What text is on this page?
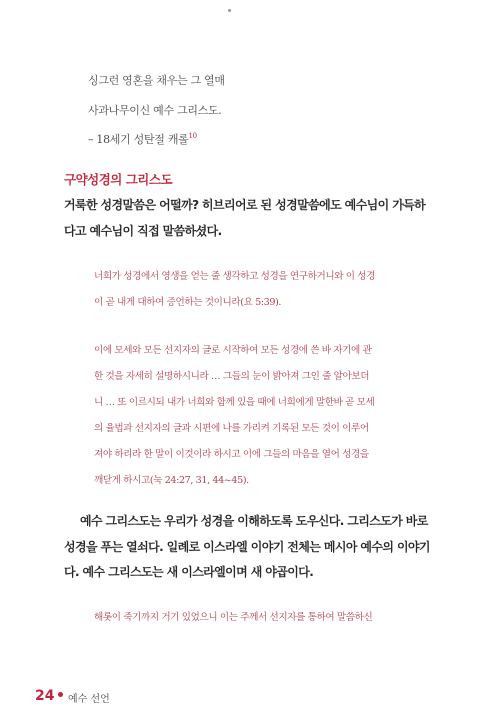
싱그런 영혼을 채우는 그 열매
사과나무이신 예수 그리스도.
– 18세기 성탄절 캐롤$^{10}$
구약성경의 그리스도
거룩한 성경말씀은 어떨까? 히브리어로 된 성경말씀에도 예수님이 가득하
다고 예수님이 직접 말씀하셨다.
너희가 성경에서 영생을 얻는 줄 생각하고 성경을 연구하거니와 이 성경
이 곧 내게 대하여 증언하는 것이니라(요 5:39).
이에 모세와 모든 선지자의 글로 시작하여 모든 성경에 쓴 바 자기에 관
한 것을 자세히 설명하시니라 … 그들의 눈이 밝아져 그인 줄 알아보더
니 … 또 이르시되 내가 너희와 함께 있을 때에 너희에게 말한바 곧 모세
의 율법과 선지자의 글과 시편에 나를 가리켜 기록된 모든 것이 이루어
져야 하리라 한 말이 이것이라 하시고 이에 그들의 마음을 열어 성경을
깨닫게 하시고(눅 24:27, 31, 44~45).
예수 그리스도는 우리가 성경을 이해하도록 도우신다. 그리스도가 바로
성경을 푸는 열쇠다. 일례로 이스라엘 이야기 전체는 메시아 예수의 이야기
다. 예수 그리스도는 새 이스라엘이며 새 야곱이다.
해롯이 죽기까지 거기 있었으니 이는 주께서 선지자를 통하여 말씀하신
24 예수 선언
